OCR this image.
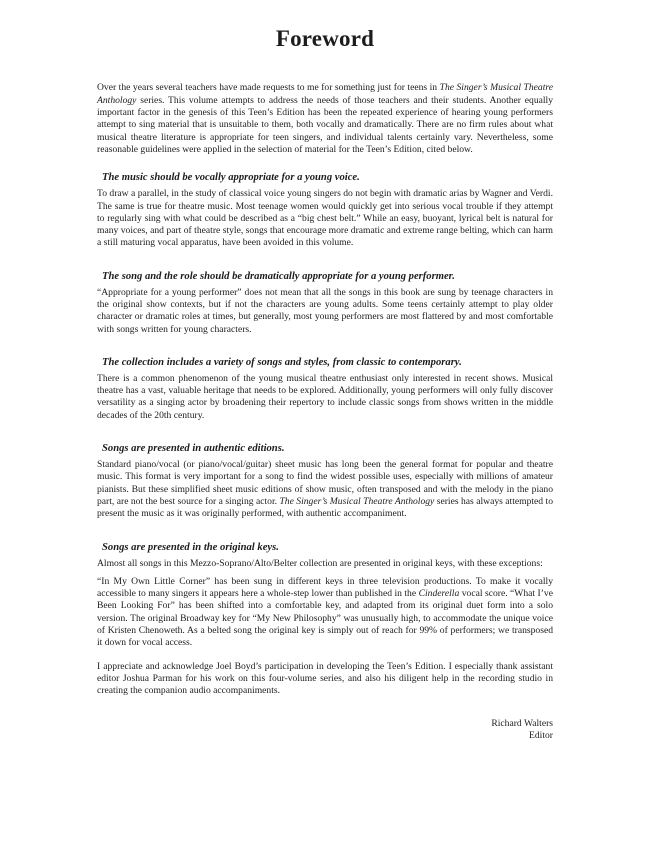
Foreword

Over the years several teachers have made requests to me for something just for teens in The Singer’s Musical Theatre Anthology series. This volume attempts to address the needs of those teachers and their students. Another equally important factor in the genesis of this Teen’s Edition has been the repeated experience of hearing young performers attempt to sing material that is unsuitable to them, both vocally and dramatically. There are no firm rules about what musical theatre literature is appropriate for teen singers, and individual talents certainly vary. Nevertheless, some reasonable guidelines were applied in the selection of material for the Teen’s Edition, cited below.

The music should be vocally appropriate for a young voice.

To draw a parallel, in the study of classical voice young singers do not begin with dramatic arias by Wagner and Verdi. The same is true for theatre music. Most teenage women would quickly get into serious vocal trouble if they attempt to regularly sing with what could be described as a “big chest belt.” While an easy, buoyant, lyrical belt is natural for many voices, and part of theatre style, songs that encourage more dramatic and extreme range belting, which can harm a still maturing vocal apparatus, have been avoided in this volume.

The song and the role should be dramatically appropriate for a young performer.

“Appropriate for a young performer” does not mean that all the songs in this book are sung by teenage characters in the original show contexts, but if not the characters are young adults. Some teens certainly attempt to play older character or dramatic roles at times, but generally, most young performers are most flattered by and most comfortable with songs written for young characters.

The collection includes a variety of songs and styles, from classic to contemporary.

There is a common phenomenon of the young musical theatre enthusiast only interested in recent shows. Musical theatre has a vast, valuable heritage that needs to be explored. Additionally, young performers will only fully discover versatility as a singing actor by broadening their repertory to include classic songs from shows written in the middle decades of the 20th century.

Songs are presented in authentic editions.

Standard piano/vocal (or piano/vocal/guitar) sheet music has long been the general format for popular and theatre music. This format is very important for a song to find the widest possible uses, especially with millions of amateur pianists. But these simplified sheet music editions of show music, often transposed and with the melody in the piano part, are not the best source for a singing actor. The Singer’s Musical Theatre Anthology series has always attempted to present the music as it was originally performed, with authentic accompaniment.

Songs are presented in the original keys.

Almost all songs in this Mezzo-Soprano/Alto/Belter collection are presented in original keys, with these exceptions:

“In My Own Little Corner” has been sung in different keys in three television productions. To make it vocally accessible to many singers it appears here a whole-step lower than published in the Cinderella vocal score. “What I’ve Been Looking For” has been shifted into a comfortable key, and adapted from its original duet form into a solo version. The original Broadway key for “My New Philosophy” was unusually high, to accommodate the unique voice of Kristen Chenoweth. As a belted song the original key is simply out of reach for 99% of performers; we transposed it down for vocal access.

I appreciate and acknowledge Joel Boyd’s participation in developing the Teen’s Edition. I especially thank assistant editor Joshua Parman for his work on this four-volume series, and also his diligent help in the recording studio in creating the companion audio accompaniments.

Richard Walters
Editor
